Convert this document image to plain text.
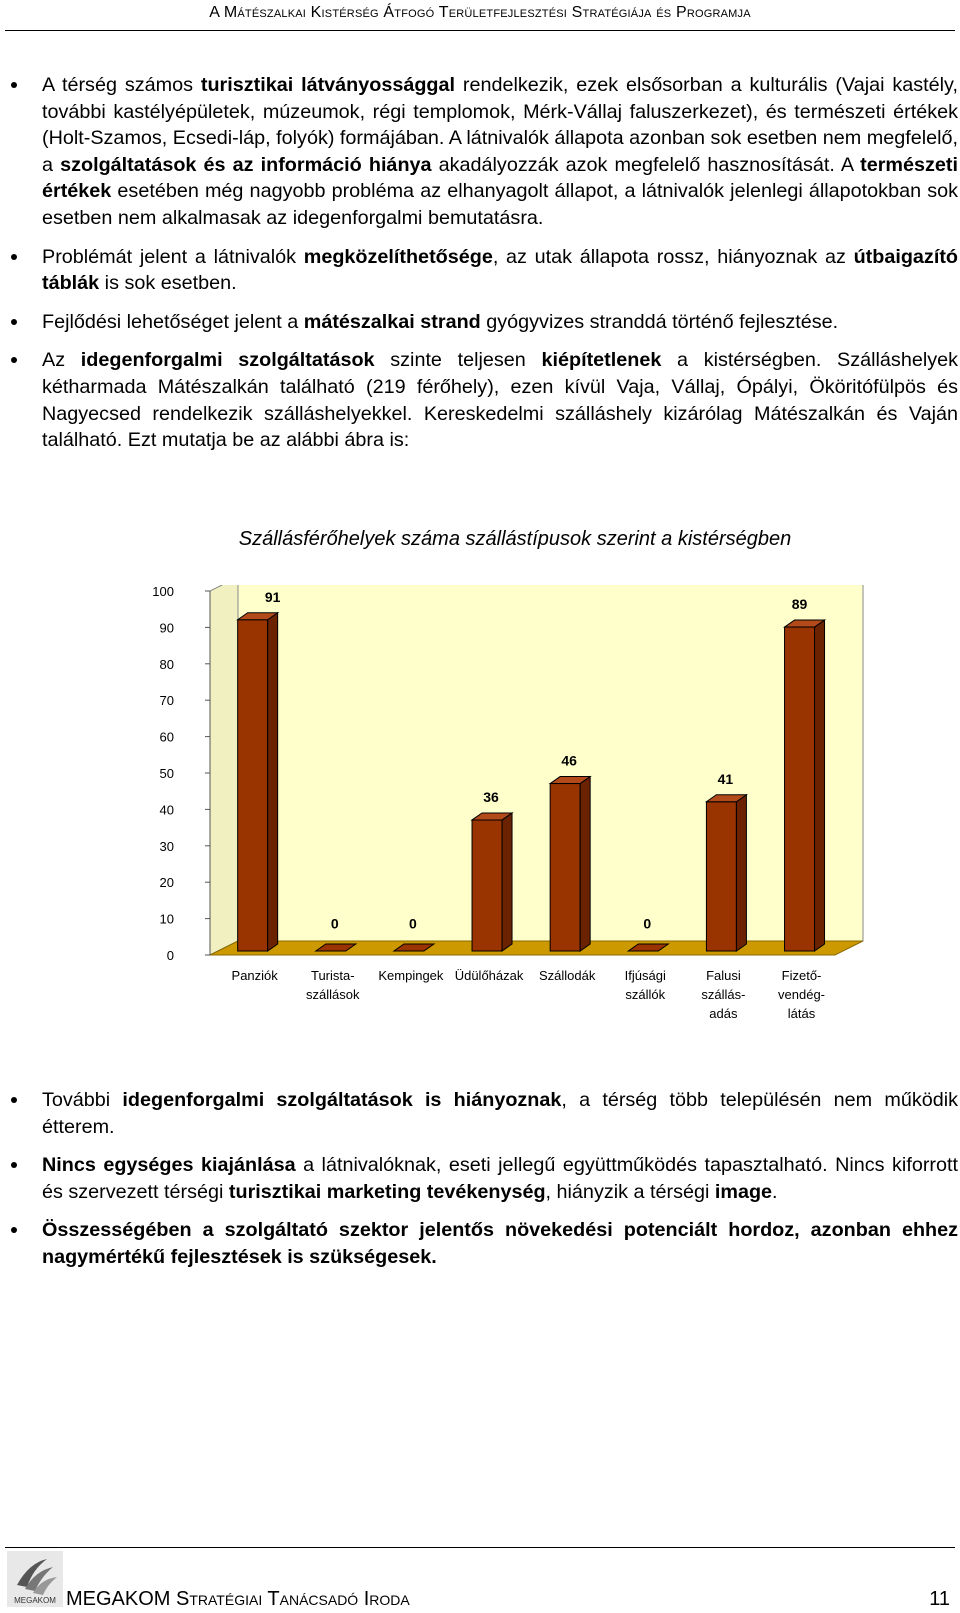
A Mátészalkai Kistérség Átfogó Területfejlesztési Stratégiája és Programja
A térség számos turisztikai látványossággal rendelkezik, ezek elsősorban a kulturális (Vajai kastély, további kastélyépületek, múzeumok, régi templomok, Mérk-Vállaj faluszerkezet), és természeti értékek (Holt-Szamos, Ecsedi-láp, folyók) formájában. A látnivalók állapota azonban sok esetben nem megfelelő, a szolgáltatások és az információ hiánya akadályozzák azok megfelelő hasznosítását. A természeti értékek esetében még nagyobb probléma az elhanyagolt állapot, a látnivalók jelenlegi állapotokban sok esetben nem alkalmasak az idegenforgalmi bemutatásra.
Problémát jelent a látnivalók megközelíthetősége, az utak állapota rossz, hiányoznak az útbaigazító táblák is sok esetben.
Fejlődési lehetőséget jelent a mátészalkai strand gyógyvizes stranddá történő fejlesztése.
Az idegenforgalmi szolgáltatások szinte teljesen kiépítetlenek a kistérségben. Szálláshelyek kétharmada Mátészalkán található (219 férőhely), ezen kívül Vaja, Vállaj, Ópályi, Ököritófülpös és Nagyecsed rendelkezik szálláshelyekkel. Kereskedelmi szálláshely kizárólag Mátészalkán és Vaján található. Ezt mutatja be az alábbi ábra is:
Szállásférőhelyek száma szállástípusok szerint a kistérségben
0
10
20
30
40
50
60
70
80
90
100	91
Panziók
0
Turista-
szállások
0
Kempingek
36
Üdülőházak
46
Szállodák
0
Ifjúsági
szállók
41
Falusi
szállás-
adás
89
Fizető-
vendég-
látás
További idegenforgalmi szolgáltatások is hiányoznak, a térség több településén nem működik étterem.
Nincs egységes kiajánlása a látnivalóknak, eseti jellegű együttműködés tapasztalható. Nincs kiforrott és szervezett térségi turisztikai marketing tevékenység, hiányzik a térségi image.
Összességében a szolgáltató szektor jelentős növekedési potenciált hordoz, azonban ehhez nagymértékű fejlesztések is szükségesek.
MEGAKOM MEGAKOM Stratégiai Tanácsadó Iroda	11
